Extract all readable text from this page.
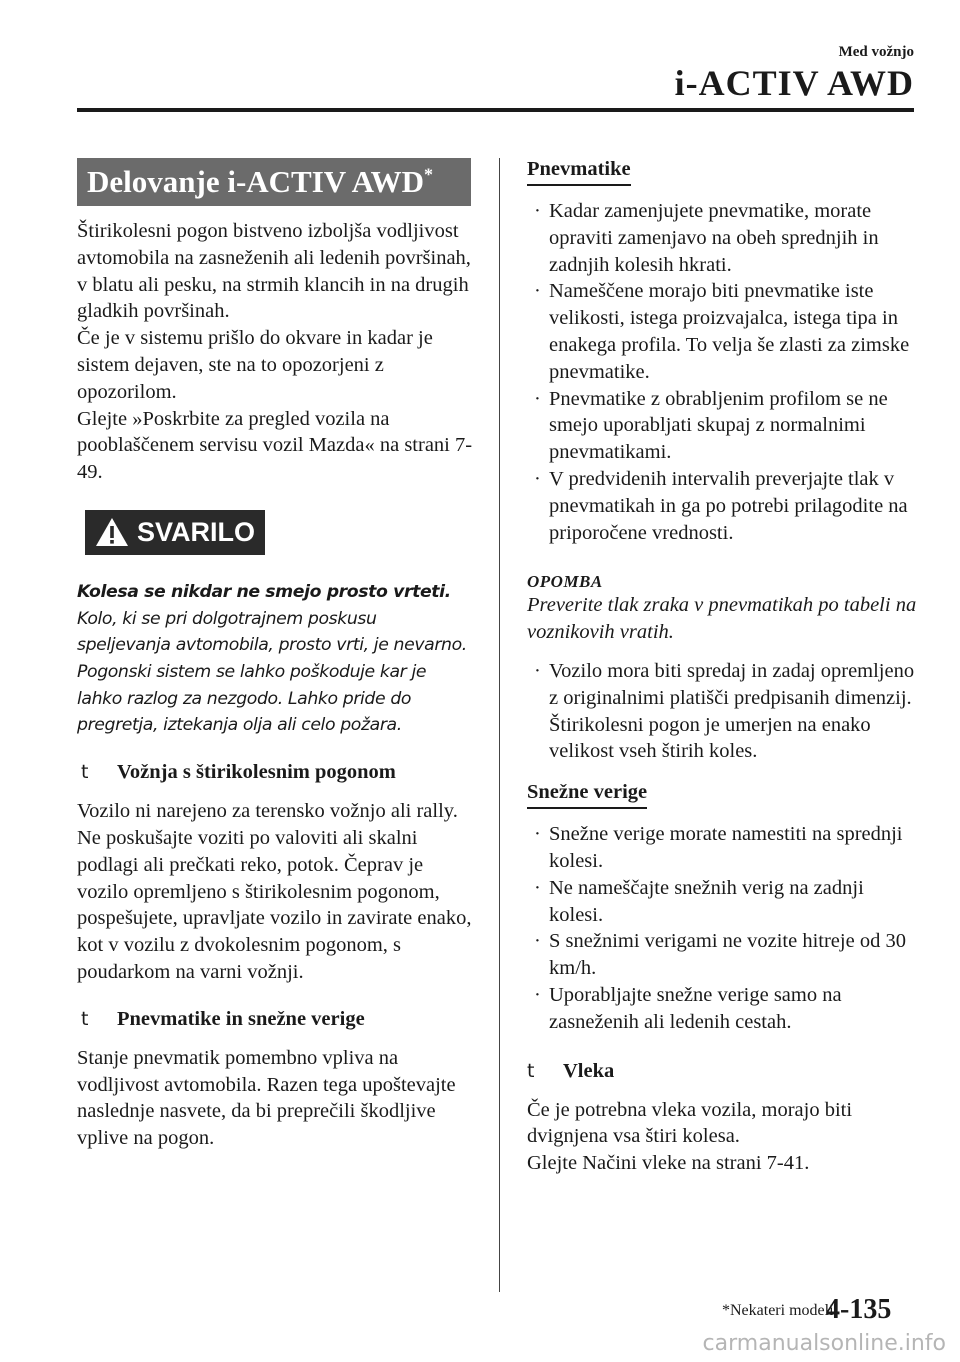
Med vožnjo
i-ACTIV AWD
Delovanje i-ACTIV AWD*

Štirikolesni pogon bistveno izboljša vodljivost avtomobila na zasneženih ali ledenih površinah, v blatu ali pesku, na strmih klancih in na drugih gladkih površinah.

Če je v sistemu prišlo do okvare in kadar je sistem dejaven, ste na to opozorjeni z opozorilom.

Glejte »Poskrbite za pregled vozila na pooblaščenem servisu vozil Mazda« na strani 7-49.

SVARILO
Kolesa se nikdar ne smejo prosto vrteti.
Kolo, ki se pri dolgotrajnem poskusu speljevanja avtomobila, prosto vrti, je nevarno. Pogonski sistem se lahko poškoduje kar je lahko razlog za nezgodo. Lahko pride do pregretja, iztekanja olja ali celo požara.
t	Vožnja s štirikolesnim pogonom

Vozilo ni narejeno za terensko vožnjo ali rally. Ne poskušajte voziti po valoviti ali skalni podlagi ali prečkati reko, potok. Čeprav je vozilo opremljeno s štirikolesnim pogonom, pospešujete, upravljate vozilo in zavirate enako, kot v vozilu z dvokolesnim pogonom, s poudarkom na varni vožnji.

t	Pnevmatike in snežne verige

Stanje pnevmatik pomembno vpliva na vodljivost avtomobila. Razen tega upoštevajte naslednje nasvete, da bi preprečili škodljive vplive na pogon.

Pnevmatike
· Kadar zamenjujete pnevmatike, morate opraviti zamenjavo na obeh sprednjih in zadnjih kolesih hkrati.
· Nameščene morajo biti pnevmatike iste velikosti, istega proizvajalca, istega tipa in enakega profila. To velja še zlasti za zimske pnevmatike.
· Pnevmatike z obrabljenim profilom se ne smejo uporabljati skupaj z normalnimi pnevmatikami.
· V predvidenih intervalih preverjajte tlak v pnevmatikah in ga po potrebi prilagodite na priporočene vrednosti.
OPOMBA
Preverite tlak zraka v pnevmatikah po tabeli na voznikovih vratih.
· Vozilo mora biti spredaj in zadaj opremljeno z originalnimi platišči predpisanih dimenzij. Štirikolesni pogon je umerjen na enako velikost vseh štirih koles.
Snežne verige
· Snežne verige morate namestiti na sprednji kolesi.
· Ne nameščajte snežnih verig na zadnji kolesi.
· S snežnimi verigami ne vozite hitreje od 30 km/h.
· Uporabljajte snežne verige samo na zasneženih ali ledenih cestah.
t	Vleka

Če je potrebna vleka vozila, morajo biti dvignjena vsa štiri kolesa.

Glejte Načini vleke na strani 7-41.

*Nekateri modeli.
4-135
carmanualsonline.info
